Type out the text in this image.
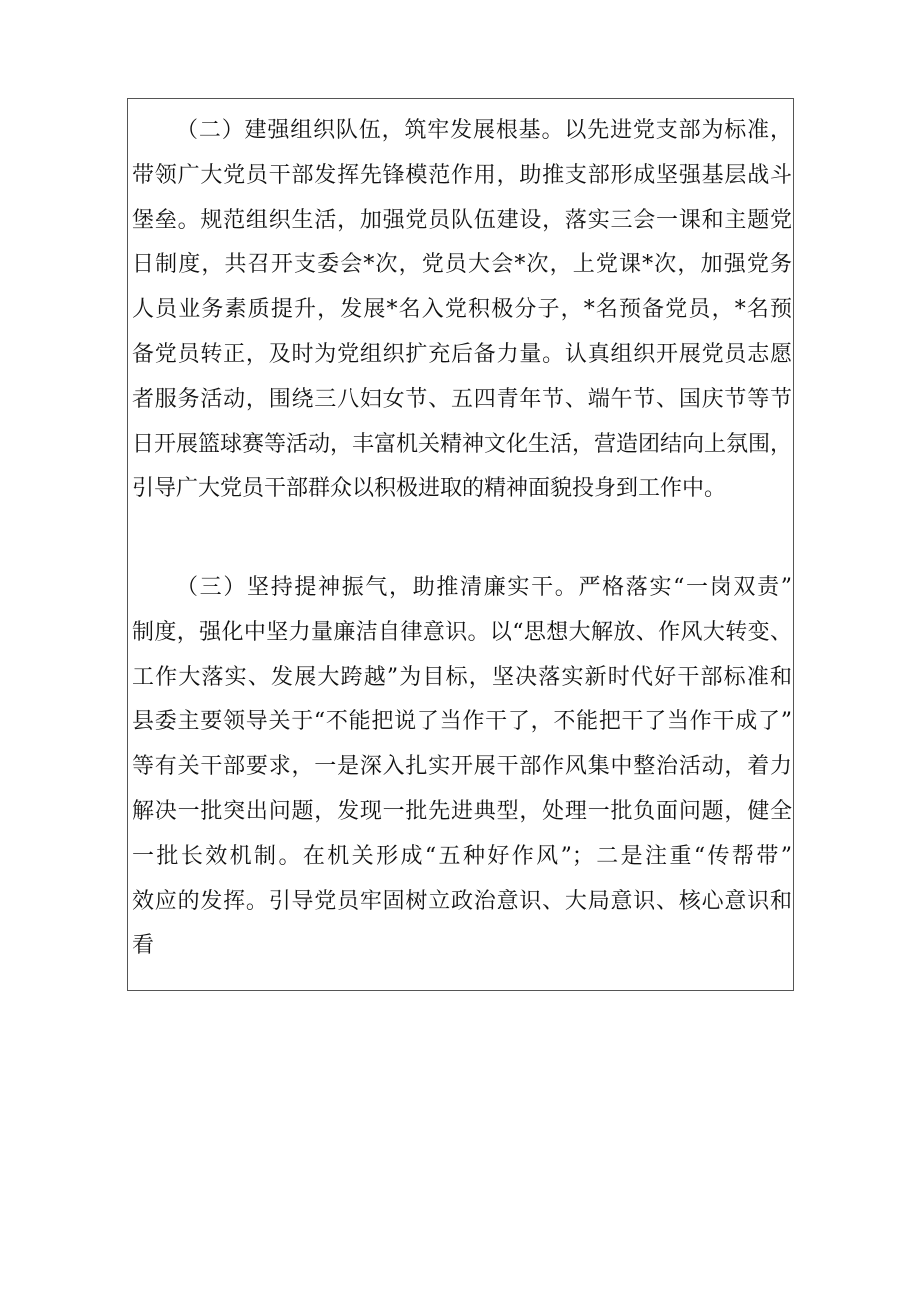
（二）建强组织队伍，筑牢发展根基。以先进党支部为标准，
带领广大党员干部发挥先锋模范作用，助推支部形成坚强基层战斗
堡垒。规范组织生活，加强党员队伍建设，落实三会一课和主题党
日制度，共召开支委会*次，党员大会*次，上党课*次，加强党务
人员业务素质提升，发展*名入党积极分子，*名预备党员，*名预
备党员转正，及时为党组织扩充后备力量。认真组织开展党员志愿
者服务活动，围绕三八妇女节、五四青年节、端午节、国庆节等节
日开展篮球赛等活动，丰富机关精神文化生活，营造团结向上氛围，
引导广大党员干部群众以积极进取的精神面貌投身到工作中。
（三）坚持提神振气，助推清廉实干。严格落实“一岗双责”
制度，强化中坚力量廉洁自律意识。以“思想大解放、作风大转变、
工作大落实、发展大跨越”为目标，坚决落实新时代好干部标准和
县委主要领导关于“不能把说了当作干了，不能把干了当作干成了”
等有关干部要求，一是深入扎实开展干部作风集中整治活动，着力
解决一批突出问题，发现一批先进典型，处理一批负面问题，健全
一批长效机制。在机关形成“五种好作风”；二是注重“传帮带”
效应的发挥。引导党员牢固树立政治意识、大局意识、核心意识和
看
